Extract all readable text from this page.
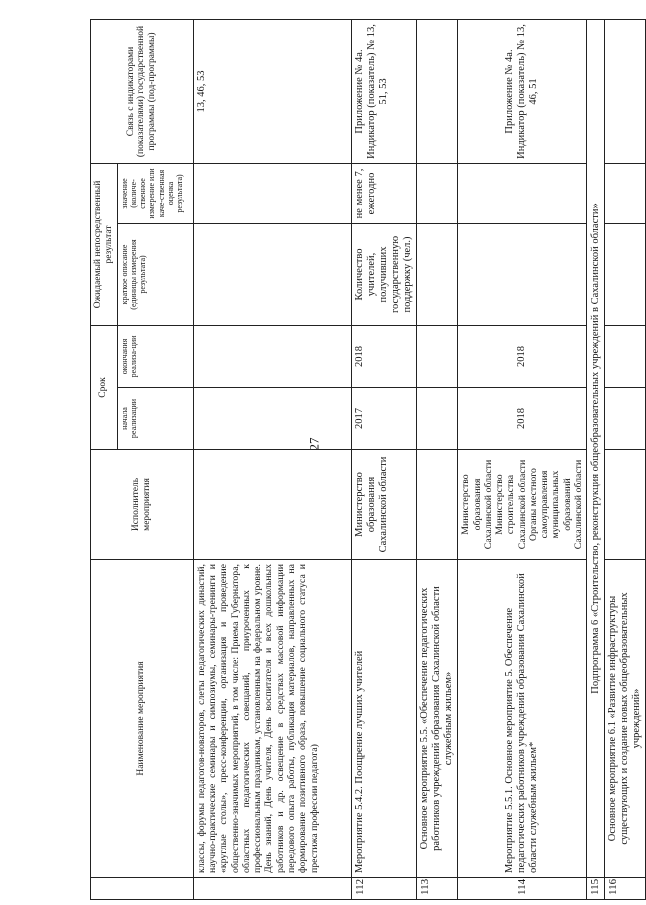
27
	Наименование мероприятия	Исполнитель мероприятия	Срок		Ожидаемый непосредственный результат		Связь с индикаторами (показателями) государственной программы (под-программы)
			начала реализации	окончания реализа-ции	краткое описание (единицы измерения результата)	значение (количе-ственное измерение или каче-ственная оценка результата)	
	классы, форумы педагогов-новаторов, слеты педагогических династий, научно-практические семинары и симпозиумы, семинары-тренинги и «круглые столы», пресс-конференции, организация и проведение общественно-значимых мероприятий, в том числе: Приема Губернатора, областных педагогических совещаний, приуроченных к профессиональным праздникам, установленным на федеральном уровне. День знаний, День учителя, День воспитателя и всех дошкольных работников и др. освещение в средствах массовой информации передового опыта работы, публикация материалов, направленных на формирование позитивного образа, повышение социального статуса и престижа профессии педагога)						13, 46, 53
112	Мероприятие 5.4.2. Поощрение лучших учителей	Министерство образования Сахалинской области	2017	2018	Количество учителей, получивших государственную поддержку (чел.)	не менее 7, ежегодно	Приложение № 4а. Индикатор (показатель) № 13, 51, 53
113	Основное мероприятие 5.5. «Обеспечение педагогических работников учреждений образования Сахалинской области служебным жильем»						
114	Мероприятие 5.5.1. Основное мероприятие 5. Обеспечение педагогических работников учреждений образования Сахалинской области служебным жильем*	Министерство образования Сахалинской области Министерство строительства Сахалинской области Органы местного самоуправления муниципальных образований Сахалинской области	2018	2018			Приложение № 4а. Индикатор (показатель) № 13, 46, 51
115	Подпрограмма 6 «Строительство, реконструкция общеобразовательных учреждений в Сахалинской области»						
116	Основное мероприятие 6.1 «Развитие инфраструктуры существующих и создание новых общеобразовательных учреждений»						
